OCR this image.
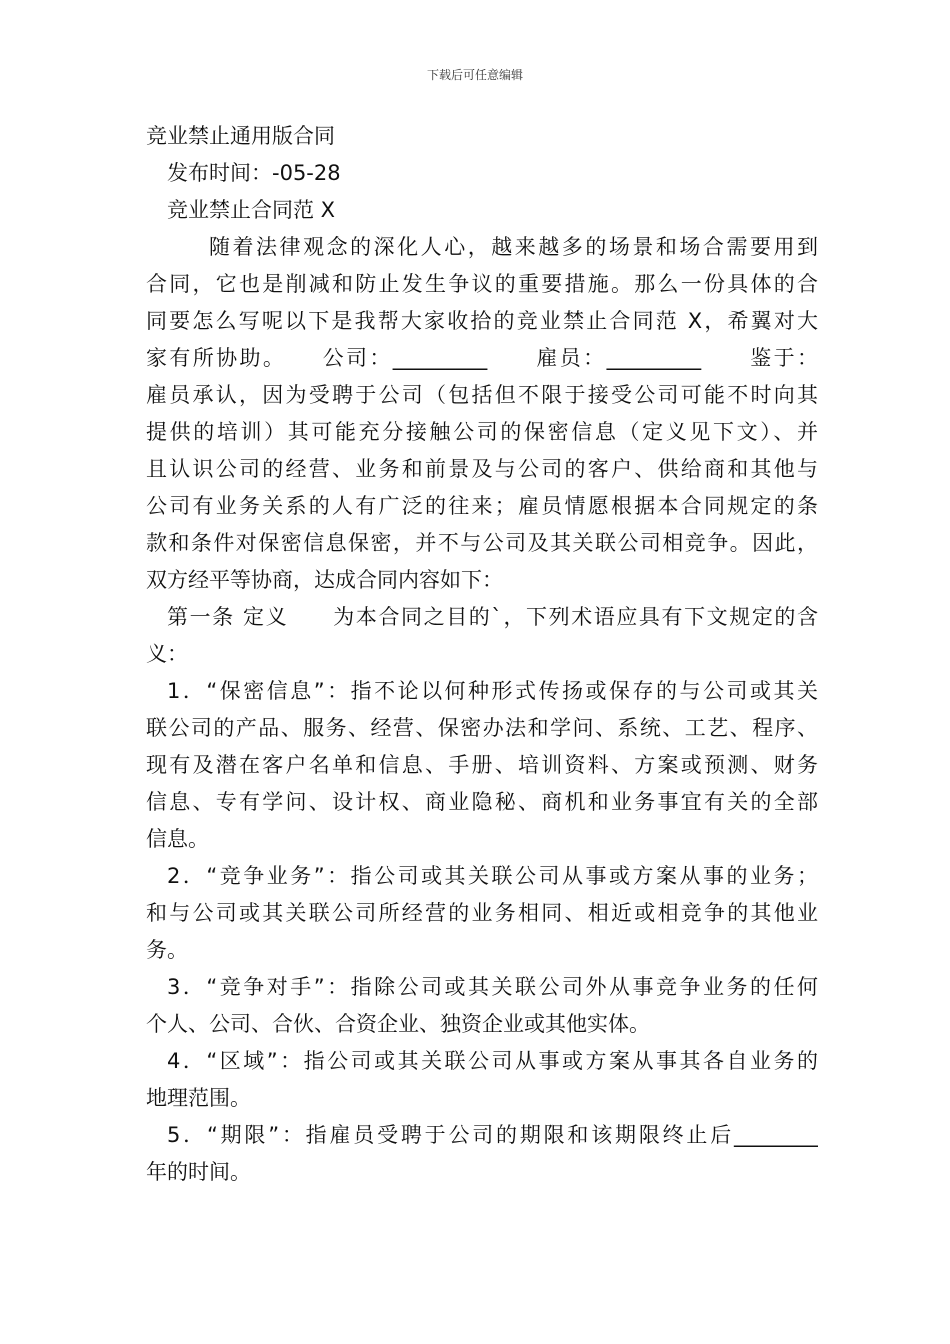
下载后可任意编辑
竞业禁止通用版合同
发布时间：-05-28
竞业禁止合同范 X
随着法律观念的深化人心，越来越多的场景和场合需要用到
合同，它也是削减和防止发生争议的重要措施。那么一份具体的合
同要怎么写呢以下是我帮大家收拾的竞业禁止合同范 X，希翼对大
家有所协助。　　公司：_________　　雇员：_________　　鉴于：
雇员承认，因为受聘于公司（包括但不限于接受公司可能不时向其
提供的培训）其可能充分接触公司的保密信息（定义见下文）、并
且认识公司的经营、业务和前景及与公司的客户、供给商和其他与
公司有业务关系的人有广泛的往来；雇员情愿根据本合同规定的条
款和条件对保密信息保密，并不与公司及其关联公司相竞争。因此，
双方经平等协商，达成合同内容如下：
第一条 定义　　为本合同之目的`，下列术语应具有下文规定的含
义：
1．“保密信息”：指不论以何种形式传扬或保存的与公司或其关
联公司的产品、服务、经营、保密办法和学问、系统、工艺、程序、
现有及潜在客户名单和信息、手册、培训资料、方案或预测、财务
信息、专有学问、设计权、商业隐秘、商机和业务事宜有关的全部
信息。
2．“竞争业务”：指公司或其关联公司从事或方案从事的业务；
和与公司或其关联公司所经营的业务相同、相近或相竞争的其他业
务。
3．“竞争对手”：指除公司或其关联公司外从事竞争业务的任何
个人、公司、合伙、合资企业、独资企业或其他实体。
4．“区域”：指公司或其关联公司从事或方案从事其各自业务的
地理范围。
5．“期限”：指雇员受聘于公司的期限和该期限终止后________
年的时间。
